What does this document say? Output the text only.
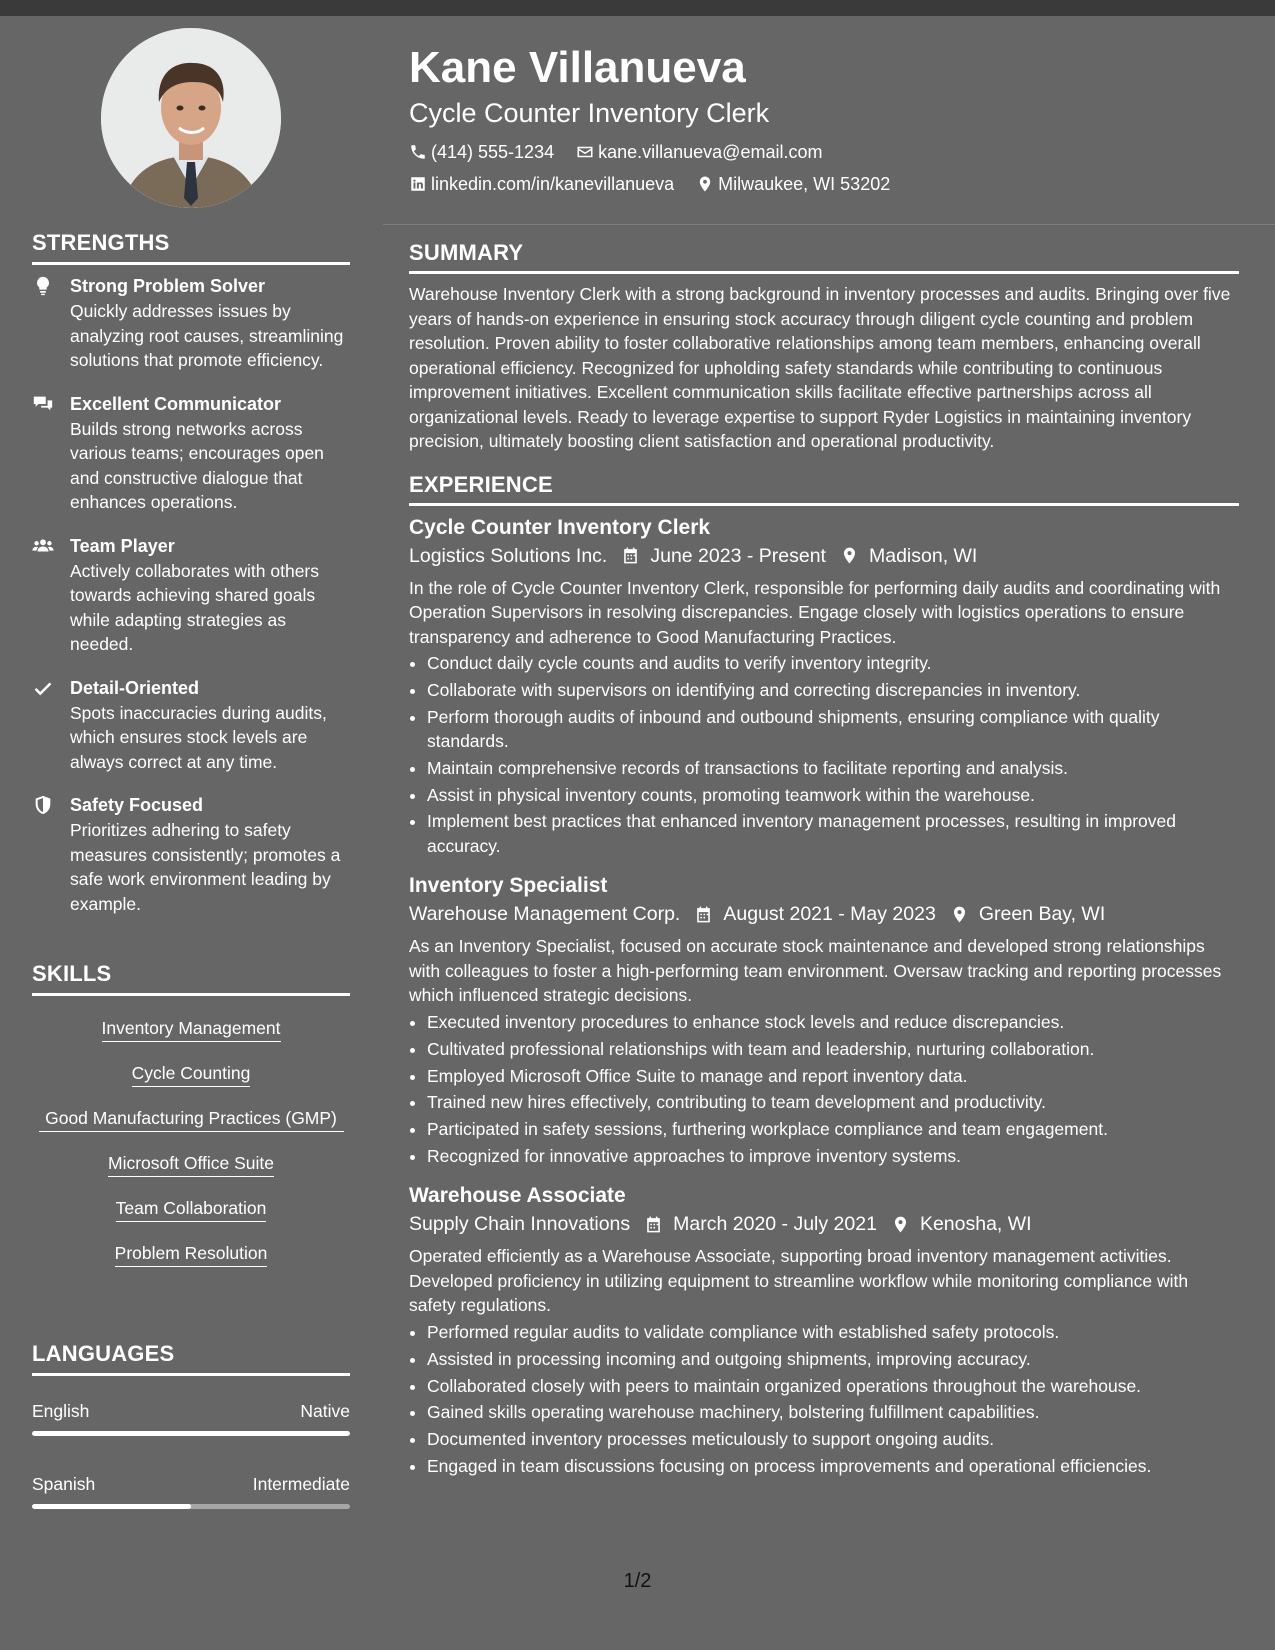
STRENGTHS
Strong Problem Solver
Quickly addresses issues by analyzing root causes, streamlining solutions that promote efficiency.
Excellent Communicator
Builds strong networks across various teams; encourages open and constructive dialogue that enhances operations.
Team Player
Actively collaborates with others towards achieving shared goals while adapting strategies as needed.
Detail-Oriented
Spots inaccuracies during audits, which ensures stock levels are always correct at any time.
Safety Focused
Prioritizes adhering to safety measures consistently; promotes a safe work environment leading by example.
SKILLS
Inventory Management
Cycle Counting
Good Manufacturing Practices (GMP)
Microsoft Office Suite
Team Collaboration
Problem Resolution
LANGUAGES
English	Native
Spanish	Intermediate
Kane Villanueva
Cycle Counter Inventory Clerk
(414) 555-1234 kane.villanueva@email.com
linkedin.com/in/kanevillanueva Milwaukee, WI 53202
SUMMARY
Warehouse Inventory Clerk with a strong background in inventory processes and audits. Bringing over five years of hands-on experience in ensuring stock accuracy through diligent cycle counting and problem resolution. Proven ability to foster collaborative relationships among team members, enhancing overall operational efficiency. Recognized for upholding safety standards while contributing to continuous improvement initiatives. Excellent communication skills facilitate effective partnerships across all organizational levels. Ready to leverage expertise to support Ryder Logistics in maintaining inventory precision, ultimately boosting client satisfaction and operational productivity.
EXPERIENCE
Cycle Counter Inventory Clerk
Logistics Solutions Inc. June 2023 - Present Madison, WI
In the role of Cycle Counter Inventory Clerk, responsible for performing daily audits and coordinating with Operation Supervisors in resolving discrepancies. Engage closely with logistics operations to ensure transparency and adherence to Good Manufacturing Practices.
• Conduct daily cycle counts and audits to verify inventory integrity.
• Collaborate with supervisors on identifying and correcting discrepancies in inventory.
• Perform thorough audits of inbound and outbound shipments, ensuring compliance with quality standards.
• Maintain comprehensive records of transactions to facilitate reporting and analysis.
• Assist in physical inventory counts, promoting teamwork within the warehouse.
• Implement best practices that enhanced inventory management processes, resulting in improved accuracy.
Inventory Specialist
Warehouse Management Corp. August 2021 - May 2023 Green Bay, WI
As an Inventory Specialist, focused on accurate stock maintenance and developed strong relationships with colleagues to foster a high-performing team environment. Oversaw tracking and reporting processes which influenced strategic decisions.
• Executed inventory procedures to enhance stock levels and reduce discrepancies.
• Cultivated professional relationships with team and leadership, nurturing collaboration.
• Employed Microsoft Office Suite to manage and report inventory data.
• Trained new hires effectively, contributing to team development and productivity.
• Participated in safety sessions, furthering workplace compliance and team engagement.
• Recognized for innovative approaches to improve inventory systems.
Warehouse Associate
Supply Chain Innovations March 2020 - July 2021 Kenosha, WI
Operated efficiently as a Warehouse Associate, supporting broad inventory management activities. Developed proficiency in utilizing equipment to streamline workflow while monitoring compliance with safety regulations.
• Performed regular audits to validate compliance with established safety protocols.
• Assisted in processing incoming and outgoing shipments, improving accuracy.
• Collaborated closely with peers to maintain organized operations throughout the warehouse.
• Gained skills operating warehouse machinery, bolstering fulfillment capabilities.
• Documented inventory processes meticulously to support ongoing audits.
• Engaged in team discussions focusing on process improvements and operational efficiencies.
1/2
